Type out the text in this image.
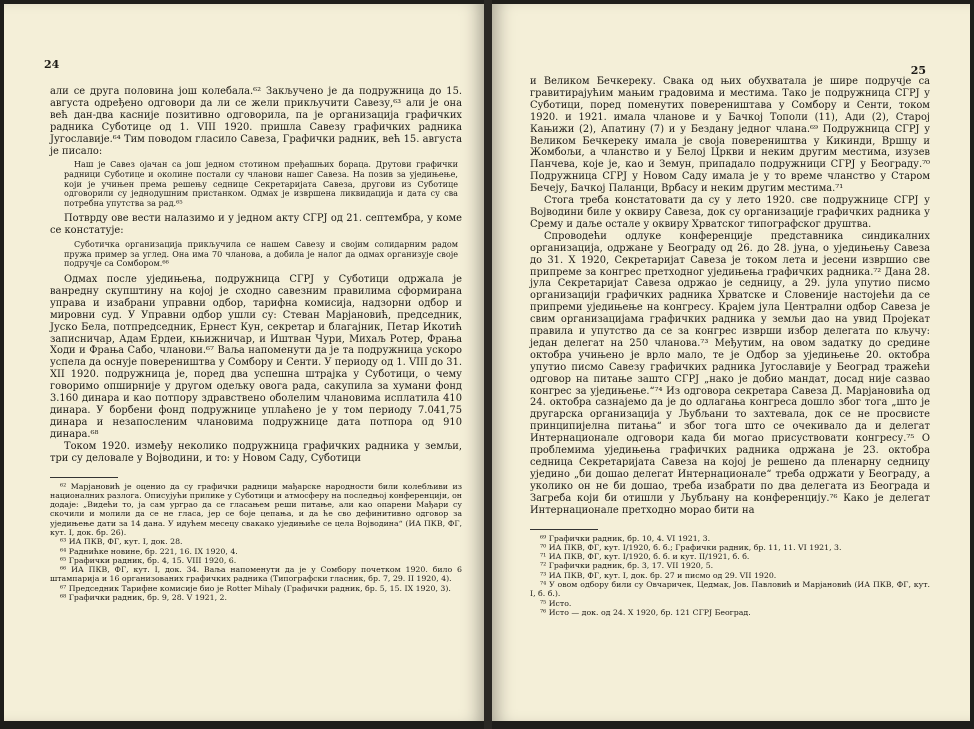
24

али се друга половина још колебала.⁶² Закључено је да подружница до 15. августа одређено одговори да ли се жели прикључити Савезу,⁶³ али је она већ дан-два касније позитивно одговорила, па је организација графичких радника Суботице од 1. VIII 1920. пришла Савезу графичких радника Југославије.⁶⁴ Тим поводом гласило Савеза, Графички радник, већ 15. августа је писало:

Наш је Савез ојачан са још једном стотином пређашњих бораца. Друтови графички радници Суботице и околине постали су чланови нашег Савеза. На позив за уједињење, који је учињен према решењу седнице Секретаријата Савеза, другови из Суботице одговорили су једнодушним пристанком. Одмах је извршена ликвидација и дата су сва потребна упутства за рад.⁶⁵

Потврду ове вести налазимо и у једном акту СГРЈ од 21. септембра, у коме се констатује:

Суботичка организација прикључила се нашем Савезу и својим солидарним радом пружа пример за углед. Она има 70 чланова, а добила је налог да одмах организује своје подручје са Сомбором.⁶⁶

Одмах после уједињења, подружница СГРЈ у Суботици одржала је ванредну скупштину на којој је сходно савезним правилима сформирана управа и изабрани управни одбор, тарифна комисија, надзорни одбор и мировни суд. У Управни одбор ушли су: Стеван Марјановић, председник, Јуско Бела, потпредседник, Ернест Кун, секретар и благајник, Петар Икотић записничар, Адам Ердеи, књижничар, и Иштван Чури, Михаљ Ротер, Фрања Ходи и Фрања Сабо, чланови.⁶⁷ Ваља напоменути да је та подружница ускоро успела да оснује повереништва у Сомбору и Сенти. У периоду од 1. VIII до 31. XII 1920. подружница је, поред два успешна штрајка у Суботици, о чему говоримо опширније у другом одељку овога рада, сакупила за хумани фонд 3.160 динара и као потпору здравствено оболелим члановима исплатила 410 динара. У борбени фонд подружнице уплаћено је у том периоду 7.041,75 динара и незапосленим члановима подружнице дата потпора од 910 динара.⁶⁸

Током 1920. између неколико подружница графичких радника у земљи, три су деловале у Војводини, и то: у Новом Саду, Суботици

⁶² Марјановић је оценио да су графички радници мађарске народности били колебљиви из националних разлога. Описујући прилике у Суботици и атмосферу на последњој конференцији, он додаје: „Видећи то, ја сам урграо да се гласањем реши питање, али као опарени Мађари су скочили и молили да се не гласа, јер се боје цепања, и да ће сво дефинитивно одговор за уједињење дати за 14 дана. У идућем месецу свакако уједињиће се цела Војводина“ (ИА ПКВ, ФГ, кут. I, док. бр. 26).

⁶³ ИА ПКВ, ФГ, кут. I, док. 28.

⁶⁴ Раднићке новине, бр. 221, 16. IX 1920, 4.

⁶⁵ Графички радник, бр. 4, 15. VIII 1920, 6.

⁶⁶ ИА ПКВ, ФГ, кут. I, док. 34. Ваља напоменути да је у Сомбору почетком 1920. било 6 штампарија и 16 организованих графичких радника (Типографски гласник, бр. 7, 29. II 1920, 4).

⁶⁷ Председник Тарифне комисије био је Rotter Mihaly (Графички радник, бр. 5, 15. IX 1920, 3).

⁶⁸ Графички радник, бр. 9, 28. V 1921, 2.

25

и Великом Бечкереку. Свака од њих обухватала је шире подручје са гравитирајућим мањим градовима и местима. Тако је подружница СГРЈ у Суботици, поред поменутих повереништава у Сомбору и Сенти, током 1920. и 1921. имала чланове и у Бачкој Тополи (11), Ади (2), Старој Кањижи (2), Апатину (7) и у Бездану једног члана.⁶⁹ Подружница СГРЈ у Великом Бечкереку имала је своја повереништва у Кикинди, Вршцу и Жомбољи, а чланство и у Белој Цркви и неким другим местима, изузев Панчева, које је, као и Земун, припадало подружници СГРЈ у Београду.⁷⁰ Подружница СГРЈ у Новом Саду имала је у то време чланство у Старом Бечеју, Бачкој Паланци, Врбасу и неким другим местима.⁷¹

Стога треба констатовати да су у лето 1920. све подружнице СГРЈ у Војводини биле у оквиру Савеза, док су организације графичких радника у Срему и даље остале у оквиру Хрватског типографског друштва.

Спроводећи одлуке конференције представника синдикалних организација, одржане у Београду од 26. до 28. јуна, о уједињењу Савеза до 31. X 1920, Секретаријат Савеза је током лета и јесени извршио све припреме за конгрес претходног уједињења графичких радника.⁷² Дана 28. јула Секретаријат Савеза одржао је седницу, а 29. јула упутио писмо организацији графичких радника Хрватске и Словеније настојећи да се припреми уједињење на конгресу. Крајем јула Централни одбор Савеза је свим организацијама графичких радника у земљи дао на увид Пројекат правила и упутство да се за конгрес изврши избор делегата по кључу: један делегат на 250 чланова.⁷³ Међутим, на овом задатку до средине октобра учињено је врло мало, те је Одбор за уједињење 20. октобра упутио писмо Савезу графичких радника Југославије у Београд тражећи одговор на питање зашто СГРЈ „нако је добио мандат, досад није сазвао конгрес за уједињење.“⁷⁴ Из одговора секретара Савеза Д. Марјановића од 24. октобра сазнајемо да је до одлагања конгреса дошло због тога „што је другарска организација у Љубљани то захтевала, док се не просвисте принципијелна питања“ и због тога што се очекивало да и делегат Интернационале одговори када би могао присуствовати конгресу.⁷⁵ О проблемима уједињења графичких радника одржана је 23. октобра седница Секретаријата Савеза на којој је решено да пленарну седницу уједино „би дошао делегат Интернационале“ треба одржати у Београду, а уколико он не би дошао, треба изабрати по два делегата из Београда и Загреба који би отишли у Љубљану на конференцију.⁷⁶ Како је делегат Интернационале претходно морао бити на

⁶⁹ Графички радник, бр. 10, 4. VI 1921, 3.

⁷⁰ ИА ПКВ, ФГ, кут. I/1920, б. б.; Графички радник, бр. 11, 11. VI 1921, 3.

⁷¹ ИА ПКВ, ФГ, кут. I/1920, б. б. и кут. II/1921, б. б.

⁷² Графички радник, бр. 3, 17. VII 1920, 5.

⁷³ ИА ПКВ, ФГ, кут. I, док. бр. 27 и писмо од 29. VII 1920.

⁷⁴ У овом одбору били су Овчаричек, Цедмак, Јов. Павловић и Марјановић (ИА ПКВ, ФГ, кут. I, б. б.).

⁷⁵ Исто.

⁷⁶ Исто — док. од 24. X 1920, бр. 121 СГРЈ Београд.
